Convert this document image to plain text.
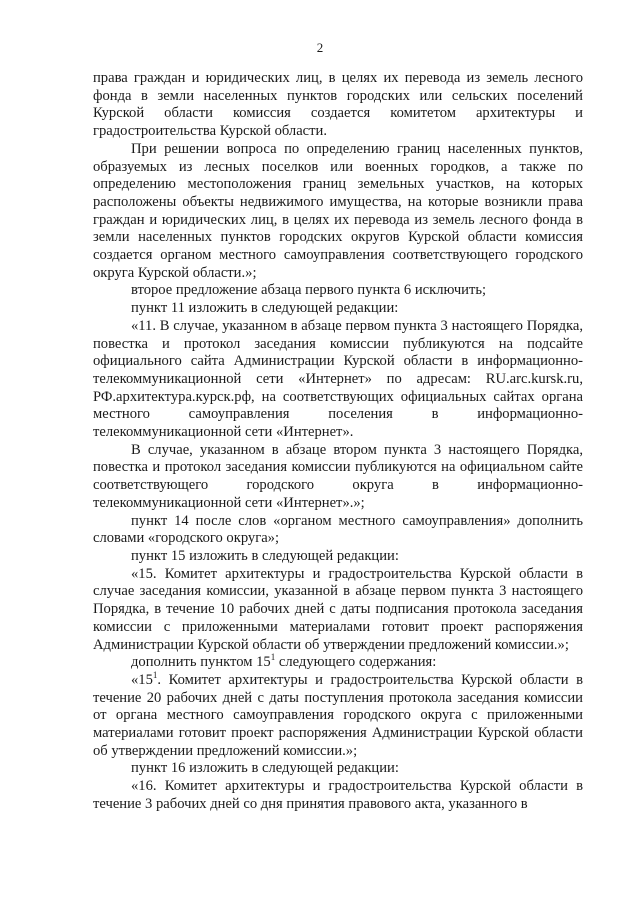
2

права граждан и юридических лиц, в целях их перевода из земель лесного фонда в земли населенных пунктов городских или сельских поселений Курской области комиссия создается комитетом архитектуры и градостроительства Курской области.

При решении вопроса по определению границ населенных пунктов, образуемых из лесных поселков или военных городков, а также по определению местоположения границ земельных участков, на которых расположены объекты недвижимого имущества, на которые возникли права граждан и юридических лиц, в целях их перевода из земель лесного фонда в земли населенных пунктов городских округов Курской области комиссия создается органом местного самоуправления соответствующего городского округа Курской области.»;

второе предложение абзаца первого пункта 6 исключить;

пункт 11 изложить в следующей редакции:

«11. В случае, указанном в абзаце первом пункта 3 настоящего Порядка, повестка и протокол заседания комиссии публикуются на подсайте официального сайта Администрации Курской области в информационно-телекоммуникационной сети «Интернет» по адресам: RU.arc.kursk.ru, РФ.архитектура.курск.рф, на соответствующих официальных сайтах органа местного самоуправления поселения в информационно-телекоммуникационной сети «Интернет».

В случае, указанном в абзаце втором пункта 3 настоящего Порядка, повестка и протокол заседания комиссии публикуются на официальном сайте соответствующего городского округа в информационно-телекоммуникационной сети «Интернет».»;

пункт 14 после слов «органом местного самоуправления» дополнить словами «городского округа»;

пункт 15 изложить в следующей редакции:

«15. Комитет архитектуры и градостроительства Курской области в случае заседания комиссии, указанной в абзаце первом пункта 3 настоящего Порядка, в течение 10 рабочих дней с даты подписания протокола заседания комиссии с приложенными материалами готовит проект распоряжения Администрации Курской области об утверждении предложений комиссии.»;

дополнить пунктом $15^1$ следующего содержания:

«$15^1$. Комитет архитектуры и градостроительства Курской области в течение 20 рабочих дней с даты поступления протокола заседания комиссии от органа местного самоуправления городского округа с приложенными материалами готовит проект распоряжения Администрации Курской области об утверждении предложений комиссии.»;

пункт 16 изложить в следующей редакции:

«16. Комитет архитектуры и градостроительства Курской области в течение 3 рабочих дней со дня принятия правового акта, указанного в
